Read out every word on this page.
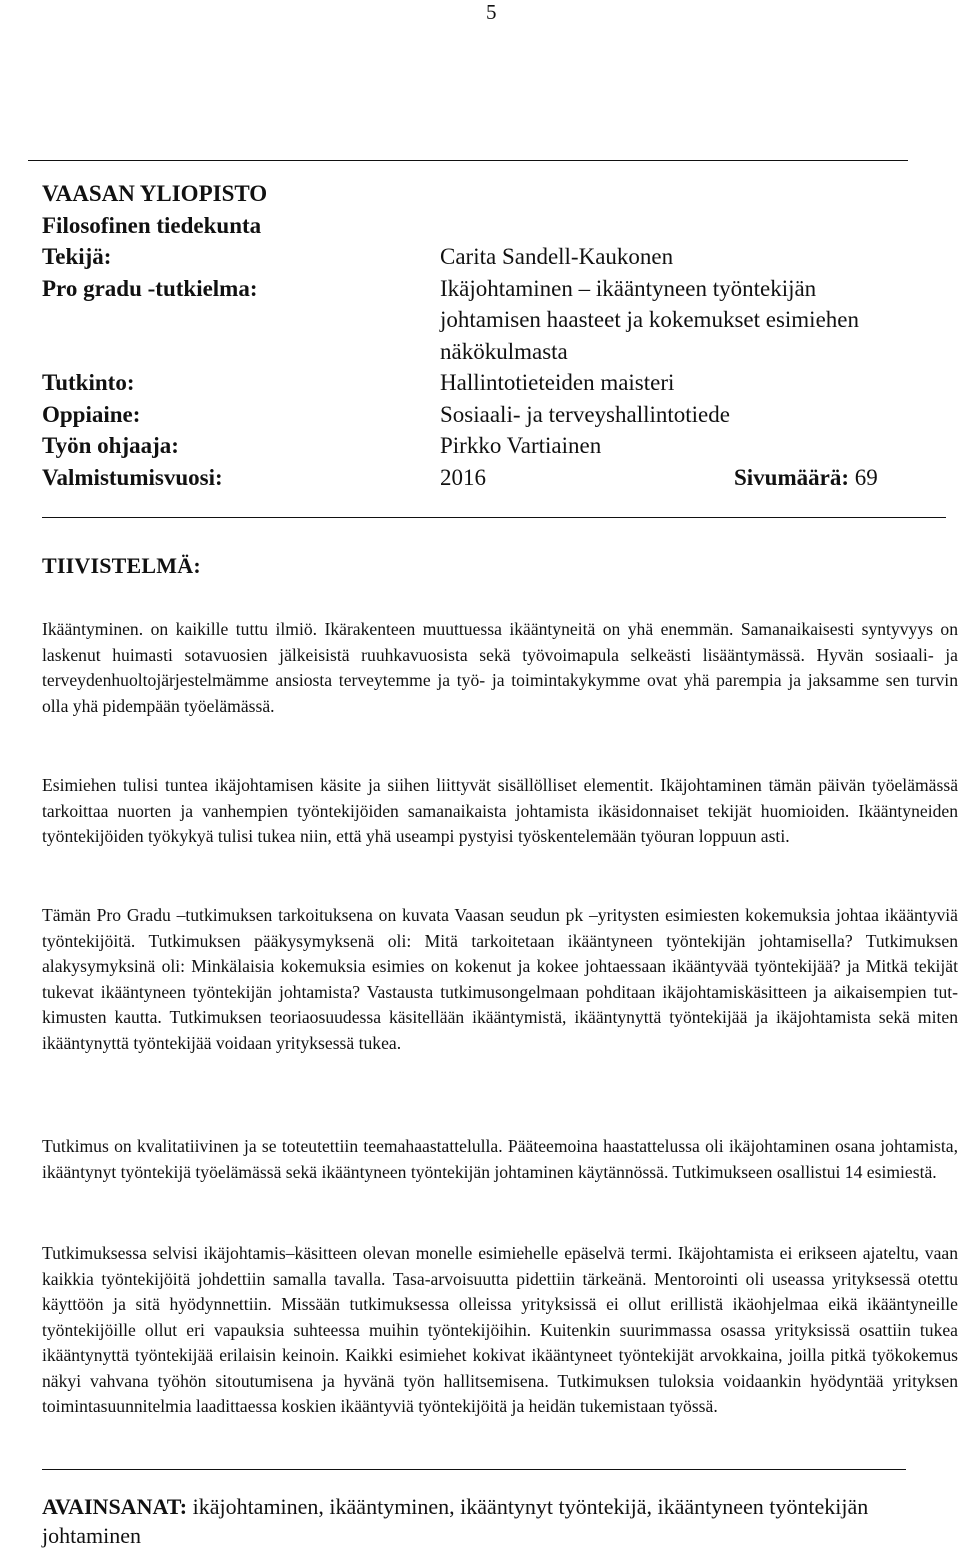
5
VAASAN YLIOPISTO
Filosofinen tiedekunta
Tekijä:	Carita Sandell-Kaukonen
Pro gradu -tutkielma:	Ikäjohtaminen – ikääntyneen työntekijän
johtamisen haasteet ja kokemukset esimiehen
näkökulmasta
Tutkinto:	Hallintotieteiden maisteri
Oppiaine:	Sosiaali- ja terveyshallintotiede
Työn ohjaaja:	Pirkko Vartiainen
Valmistumisvuosi:	2016	Sivumäärä: 69
TIIVISTELMÄ:
Ikääntyminen. on kaikille tuttu ilmiö. Ikärakenteen muuttuessa ikääntyneitä on yhä enemmän. Samanaikaisesti syntyvyys on laskenut huimasti sotavuosien jälkeisistä ruuhkavuosista sekä työvoimapula selkeästi lisääntymässä. Hyvän sosiaali- ja terveydenhuoltojärjestelmämme ansiosta terveytemme ja työ- ja toimintakykymme ovat yhä parempia ja jaksamme sen turvin olla yhä pidempään työelämässä.
Esimiehen tulisi tuntea ikäjohtamisen käsite ja siihen liittyvät sisällölliset elementit. Ikäjohtaminen tämän päivän työelämässä tarkoittaa nuorten ja vanhempien työntekijöiden samanaikaista johtamista ikäsidonnaiset tekijät huomioiden. Ikääntyneiden työntekijöiden työkykyä tulisi tukea niin, että yhä useampi pystyisi työskentelemään työuran loppuun asti.
Tämän Pro Gradu –tutkimuksen tarkoituksena on kuvata Vaasan seudun pk –yritysten esimiesten kokemuksia johtaa ikääntyviä työntekijöitä. Tutkimuksen pääkysymyksenä oli: Mitä tarkoitetaan ikääntyneen työntekijän johtamisella? Tutkimuksen alakysymyksinä oli: Minkälaisia kokemuksia esimies on kokenut ja kokee johtaessaan ikääntyvää työntekijää? ja Mitkä tekijät tukevat ikääntyneen työntekijän johtamista? Vastausta tutkimusongelmaan pohditaan ikäjohtamiskäsitteen ja aikaisempien tutkimusten kautta. Tutkimuksen teoriaosuudessa käsitellään ikääntymistä, ikääntynyttä työntekijää ja ikäjohtamista sekä miten ikääntynyttä työntekijää voidaan yrityksessä tukea.
Tutkimus on kvalitatiivinen ja se toteutettiin teemahaastattelulla. Pääteemoina haastattelussa oli ikäjohtaminen osana johtamista, ikääntynyt työntekijä työelämässä sekä ikääntyneen työntekijän johtaminen käytännössä. Tutkimukseen osallistui 14 esimiestä.
Tutkimuksessa selvisi ikäjohtamis–käsitteen olevan monelle esimiehelle epäselvä termi. Ikäjohtamista ei erikseen ajateltu, vaan kaikkia työntekijöitä johdettiin samalla tavalla. Tasa-arvoisuutta pidettiin tärkeänä. Mentorointi oli useassa yrityksessä otettu käyttöön ja sitä hyödynnettiin. Missään tutkimuksessa olleissa yrityksissä ei ollut erillistä ikäohjelmaa eikä ikääntyneille työntekijöille ollut eri vapauksia suhteessa muihin työntekijöihin. Kuitenkin suurimmassa osassa yrityksissä osattiin tukea ikääntynyttä työntekijää erilaisin keinoin. Kaikki esimiehet kokivat ikääntyneet työntekijät arvokkaina, joilla pitkä työkokemus näkyi vahvana työhön sitoutumisena ja hyvänä työn hallitsemisena. Tutkimuksen tuloksia voidaankin hyödyntää yrityksen toimintasuunnitelmia laadittaessa koskien ikääntyviä työntekijöitä ja heidän tukemistaan työssä.
AVAINSANAT: ikäjohtaminen, ikääntyminen, ikääntynyt työntekijä, ikääntyneen työntekijän johtaminen
